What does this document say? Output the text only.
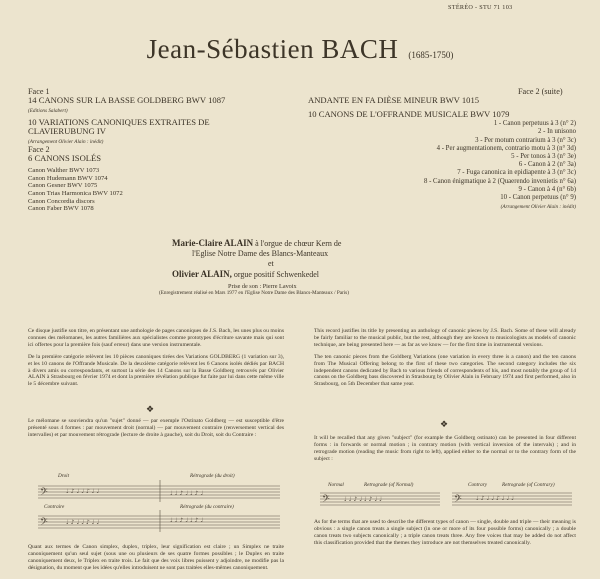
STÉRÉO - STU 71 103
Jean-Sébastien BACH (1685-1750)
Face 1
14 CANONS SUR LA BASSE GOLDBERG BWV 1087
(Editions Salabert)
10 VARIATIONS CANONIQUES EXTRAITES DE
CLAVIERUBUNG IV
(Arrangement Olivier Alain : inédit)
Face 2
6 CANONS ISOLÉS
Canon Walther BWV 1073
Canon Hudemann BWV 1074
Canon Gesner BWV 1075
Canon Trias Harmonica BWV 1072
Canon Concordia discors
Canon Faber BWV 1078
Face 2 (suite)
ANDANTE EN FA DIÈSE MINEUR BWV 1015
10 CANONS DE L'OFFRANDE MUSICALE BWV 1079
1 - Canon perpetuus à 3 (n° 2)
2 - In unisono
3 - Per motum contrarium à 3 (n° 3c)
4 - Per augmentationem, contrario motu à 3 (n° 3d)
5 - Per tonos à 3 (n° 3e)
6 - Canon à 2 (n° 3a)
7 - Fuga canonica in epidiapente à 3 (n° 3c)
8 - Canon énigmatique à 2 (Quaerendo invenietis n° 6a)
9 - Canon à 4 (n° 6b)
10 - Canon perpetuus (n° 9)
(Arrangement Olivier Alain : inédit)
Marie-Claire ALAIN à l'orgue de chœur Kern de
l'Eglise Notre Dame des Blancs-Manteaux
et
Olivier ALAIN, orgue positif Schwenkedel
Prise de son : Pierre Lavoix
(Enregistrement réalisé en Mars 1977 en l'Eglise Notre Dame des Blancs-Manteaux / Paris)

Ce disque justifie son titre, en présentant une anthologie de pages canoniques de J.S. Bach, les unes plus ou moins connues des mélomanes, les autres familières aux spécialistes comme prototypes d'écriture savante mais qui sont ici offertes pour la première fois (sauf erreur) dans une version instrumentale.

De la première catégorie relèvent les 10 pièces canoniques tirées des Variations GOLDBERG (1 variation sur 3), et les 10 canons de l'Offrande Musicale. De la deuxième catégorie relèvent les 6 Canons isolés dédiés par BACH à divers amis ou correspondants, et surtout la série des 14 Canons sur la Basse Goldberg retrouvés par Olivier ALAIN à Strasbourg en février 1974 et dont la première révélation publique fut faite par lui dans cette même ville le 5 décembre suivant.

❖

Le mélomane se souviendra qu'un "sujet" donné — par exemple l'Ostinato Goldberg — est susceptible d'être présenté sous 4 formes : par mouvement droit (normal) — par mouvement contraire (renversement vertical des intervalles) et par mouvement rétrograde (lecture de droite à gauche), soit du Droit, soit du Contraire :

𝄢	♩ ♪ ♩ ♩ ♪ ♩ ♩	♩ ♩ ♪ ♩ ♩ ♪ ♩
𝄢	♩ ♪ ♩ ♩ ♪ ♩ ♩	♩ ♩ ♪ ♩ ♩ ♪ ♩
Droit	Rétrograde (du droit)
Contraire	Rétrograde (du contraire)

Quant aux termes de Canon simplex, duplex, triplex, leur signification est claire ; un Simplex ne traite canoniquement qu'un seul sujet (sous une ou plusieurs de ses quatre formes possibles ; le Duplex en traite canoniquement deux, le Triplex en traite trois. Le fait que des voix libres puissent y adjoindre, ne modifie pas la désignation, du moment que les idées qu'elles introduisent ne sont pas traitées elles-mêmes canoniquement.

This record justifies its title by presenting an anthology of canonic pieces by J.S. Bach. Some of these will already be fairly familiar to the musical public, but the rest, although they are known to musicologists as models of canonic technique, are being presented here — as far as we know — for the first time in instrumental versions.

The ten canonic pieces from the Goldberg Variations (one variation in every three is a canon) and the ten canons from The Musical Offering belong to the first of these two categories. The second category includes the six independent canons dedicated by Bach to various friends of correspondents of his, and most notably the group of 14 canons on the Goldberg bass discovered in Strasbourg by Olivier Alain in February 1974 and first performed, also in Strasbourg, on 5th December that same year.

❖

It will be recalled that any given "subject" (for example the Goldberg ostinato) can be presented in four different forms : in forwards or normal motion ; in contrary motion (with vertical inversion of the intervals) ; and in retrograde motion (reading the music from right to left), applied either to the normal or to the contrary form of the subject :

𝄢 ♩ ♩ ♪ ♩ ♩ ♪ ♩ ♩	𝄢 ♩ ♪ ♩ ♩ ♪ ♩ ♩ ♩
Normal	Retrograde (of Normal)	Contrary	Retrograde (of Contrary)

As for the terms that are used to describe the different types of canon — single, double and triple — their meaning is obvious : a single canon treats a single subject (in one or more of its four possible forms) canonically ; a double canon treats two subjects canonically ; a triple canon treats three. Any free voices that may be added do not affect this classification provided that the themes they introduce are not themselves treated canonically.
